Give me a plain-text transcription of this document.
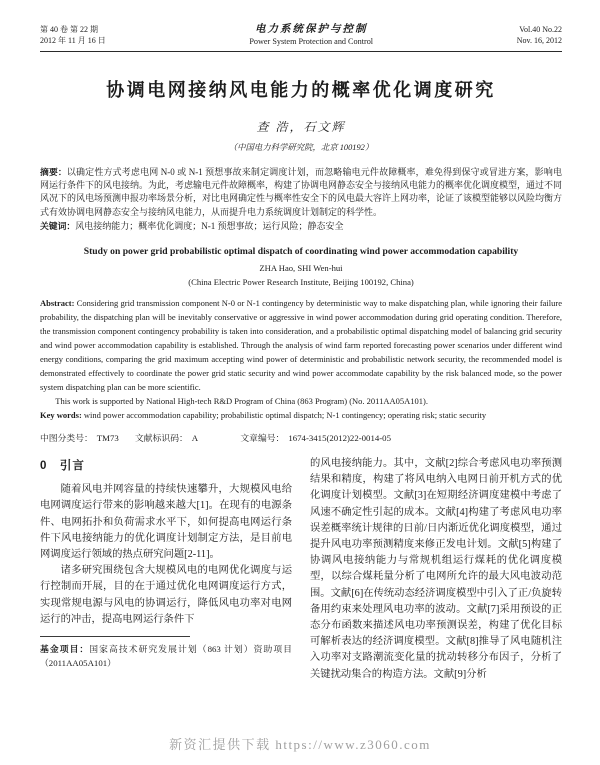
第 40 卷 第 22 期
2012 年 11 月 16 日
电力系统保护与控制
Power System Protection and Control
Vol.40 No.22
Nov. 16, 2012
协调电网接纳风电能力的概率优化调度研究
查 浩，石文辉
（中国电力科学研究院，北京 100192）
摘要：以确定性方式考虑电网 N-0 或 N-1 预想事故来制定调度计划，而忽略输电元件故障概率，难免得到保守或冒进方案，影响电网运行条件下的风电接纳。为此，考虑输电元件故障概率，构建了协调电网静态安全与接纳风电能力的概率优化调度模型，通过不同风况下的风电场预测申报功率场景分析，对比电网确定性与概率性安全下的风电最大容许上网功率，论证了该模型能够以风险均衡方式有效协调电网静态安全与接纳风电能力，从而提升电力系统调度计划制定的科学性。
关键词：风电接纳能力；概率优化调度；N-1 预想事故；运行风险；静态安全
Study on power grid probabilistic optimal dispatch of coordinating wind power accommodation capability
ZHA Hao, SHI Wen-hui
(China Electric Power Research Institute, Beijing 100192, China)
Abstract: Considering grid transmission component N-0 or N-1 contingency by deterministic way to make dispatching plan, while ignoring their failure probability, the dispatching plan will be inevitably conservative or aggressive in wind power accommodation during grid operating condition. Therefore, the transmission component contingency probability is taken into consideration, and a probabilistic optimal dispatching model of balancing grid security and wind power accommodation capability is established. Through the analysis of wind farm reported forecasting power scenarios under different wind energy conditions, comparing the grid maximum accepting wind power of deterministic and probabilistic network security, the recommended model is demonstrated effectively to coordinate the power grid static security and wind power accommodate capability by the risk balanced mode, so the power system dispatching plan can be more scientific.
This work is supported by National High-tech R&D Program of China (863 Program) (No. 2011AA05A101).
Key words: wind power accommodation capability; probabilistic optimal dispatch; N-1 contingency; operating risk; static security
中图分类号： TM73 文献标识码： A	文章编号： 1674-3415(2012)22-0014-05
0　引言

随着风电并网容量的持续快速攀升，大规模风电给电网调度运行带来的影响越来越大[1]。在现有的电源条件、电网拓扑和负荷需求水平下，如何提高电网运行条件下风电接纳能力的优化调度计划制定方法，是目前电网调度运行领域的热点研究问题[2-11]。

诸多研究围绕包含大规模风电的电网优化调度与运行控制而开展，目的在于通过优化电网调度运行方式，实现常规电源与风电的协调运行，降低风电功率对电网运行的冲击，提高电网运行条件下

基金项目：国家高技术研究发展计划（863 计划）资助项目（2011AA05A101）

的风电接纳能力。其中，文献[2]综合考虑风电功率预测结果和精度，构建了将风电纳入电网日前开机方式的优化调度计划模型。文献[3]在短期经济调度建模中考虑了风速不确定性引起的成本。文献[4]构建了考虑风电功率误差概率统计规律的日前/日内渐近优化调度模型，通过提升风电功率预测精度来修正发电计划。文献[5]构建了协调风电接纳能力与常规机组运行煤耗的优化调度模型，以综合煤耗量分析了电网所允许的最大风电波动范围。文献[6]在传统动态经济调度模型中引入了正/负旋转备用约束来处理风电功率的波动。文献[7]采用预设的正态分布函数来描述风电功率预测误差，构建了优化目标可解析表达的经济调度模型。文献[8]推导了风电随机注入功率对支路潮流变化量的扰动转移分布因子，分析了关键扰动集合的构造方法。文献[9]分析

新资汇提供下载 https://www.z3060.com
